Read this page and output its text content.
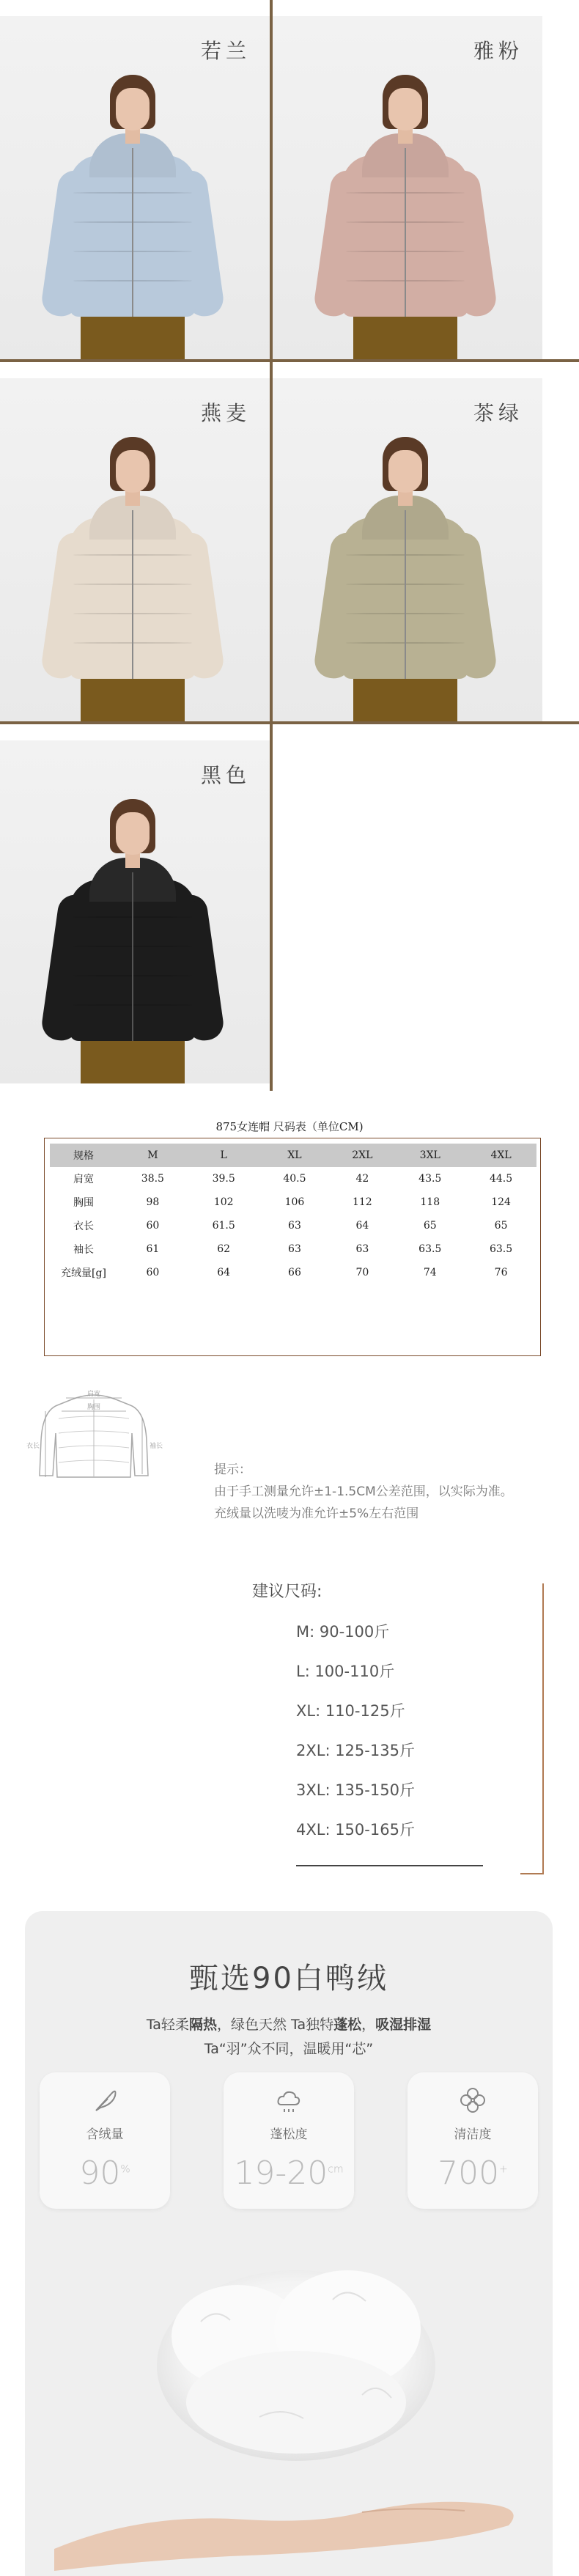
若兰	雅粉
燕麦	茶绿
黑色
875女连帽 尺码表（单位CM)
规格	M	L	XL	2XL	3XL	4XL
肩宽	38.5	39.5	40.5	42	43.5	44.5
胸围	98	102	106	112	118	124
衣长	60	61.5	63	64	65	65
袖长	61	62	63	63	63.5	63.5
充绒量[g]	60	64	66	70	74	76
肩宽
胸围
衣长	袖长
提示：
由于手工测量允许±1-1.5CM公差范围，以实际为准。
充绒量以洗唛为准允许±5%左右范围
建议尺码:
M: 90-100斤
L: 100-110斤
XL: 110-125斤
2XL: 125-135斤
3XL: 135-150斤
4XL: 150-165斤
甄选90白鸭绒
Ta轻柔隔热，绿色天然 Ta独特蓬松，吸湿排湿
Ta“羽”众不同，温暖用“芯”
含绒量
90%
蓬松度
$19-20^{cm}$
清洁度
700+
